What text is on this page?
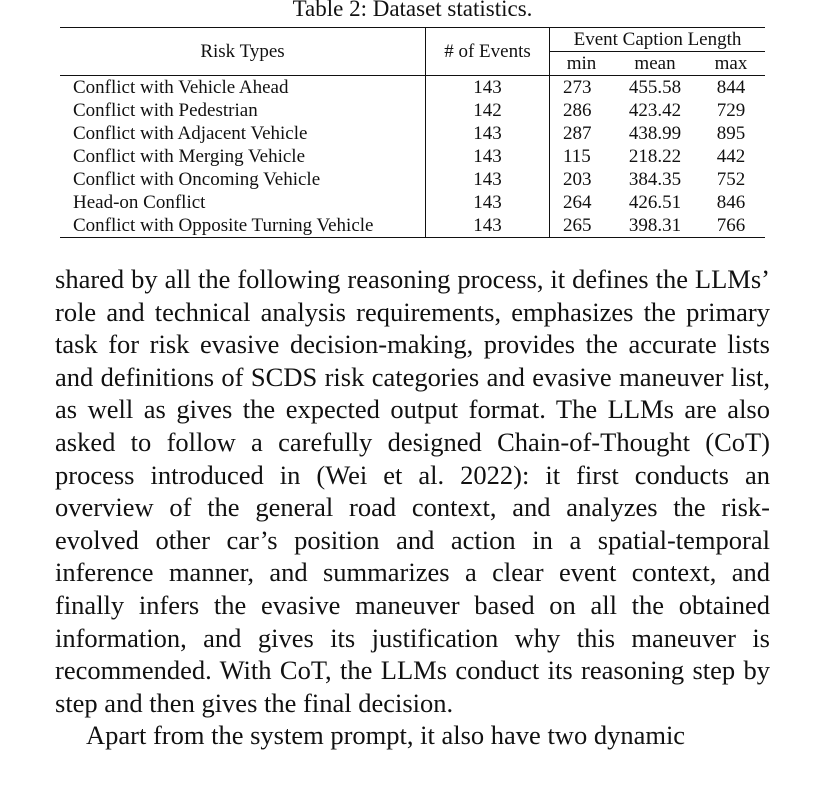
Table 2: Dataset statistics.
Risk Types	# of Events	Event Caption Length		
		min	mean	max
Conflict with Vehicle Ahead	143	273	455.58	844
Conflict with Pedestrian	142	286	423.42	729
Conflict with Adjacent Vehicle	143	287	438.99	895
Conflict with Merging Vehicle	143	115	218.22	442
Conflict with Oncoming Vehicle	143	203	384.35	752
Head-on Conflict	143	264	426.51	846
Conflict with Opposite Turning Vehicle	143	265	398.31	766

shared by all the following reasoning process, it defines the LLMs’ role and technical analysis requirements, emphasizes the primary task for risk evasive decision-making, provides the accurate lists and definitions of SCDS risk categories and evasive maneuver list, as well as gives the expected output format. The LLMs are also asked to follow a carefully designed Chain-of-Thought (CoT) process introduced in (Wei et al. 2022): it first conducts an overview of the general road context, and analyzes the risk-evolved other car’s position and action in a spatial-temporal inference manner, and summarizes a clear event context, and finally infers the evasive maneuver based on all the obtained information, and gives its justification why this maneuver is recommended. With CoT, the LLMs conduct its reasoning step by step and then gives the final decision.

Apart from the system prompt, it also have two dynamic
